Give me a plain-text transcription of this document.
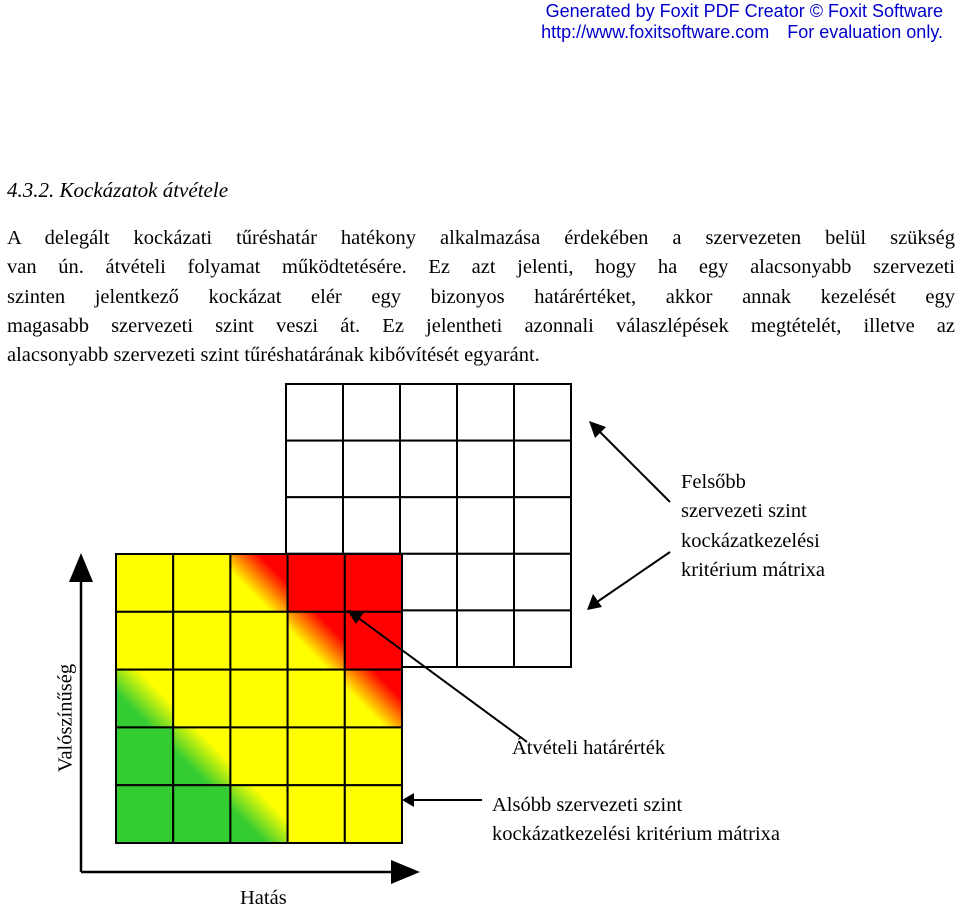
Generated by Foxit PDF Creator © Foxit Software
http://www.foxitsoftware.com For evaluation only.
4.3.2. Kockázatok átvétele
A delegált kockázati tűréshatár hatékony alkalmazása érdekében a szervezeten belül szükség
van ún. átvételi folyamat működtetésére. Ez azt jelenti, hogy ha egy alacsonyabb szervezeti
szinten jelentkező kockázat elér egy bizonyos határértéket, akkor annak kezelését egy
magasabb szervezeti szint veszi át. Ez jelentheti azonnali válaszlépések megtételét, illetve az
alacsonyabb szervezeti szint tűréshatárának kibővítését egyaránt.
Felsőbb
szervezeti szint
kockázatkezelési
kritérium mátrixa
Átvételi határérték
Alsóbb szervezeti szint
kockázatkezelési kritérium mátrixa
Hatás
Valószínűség
